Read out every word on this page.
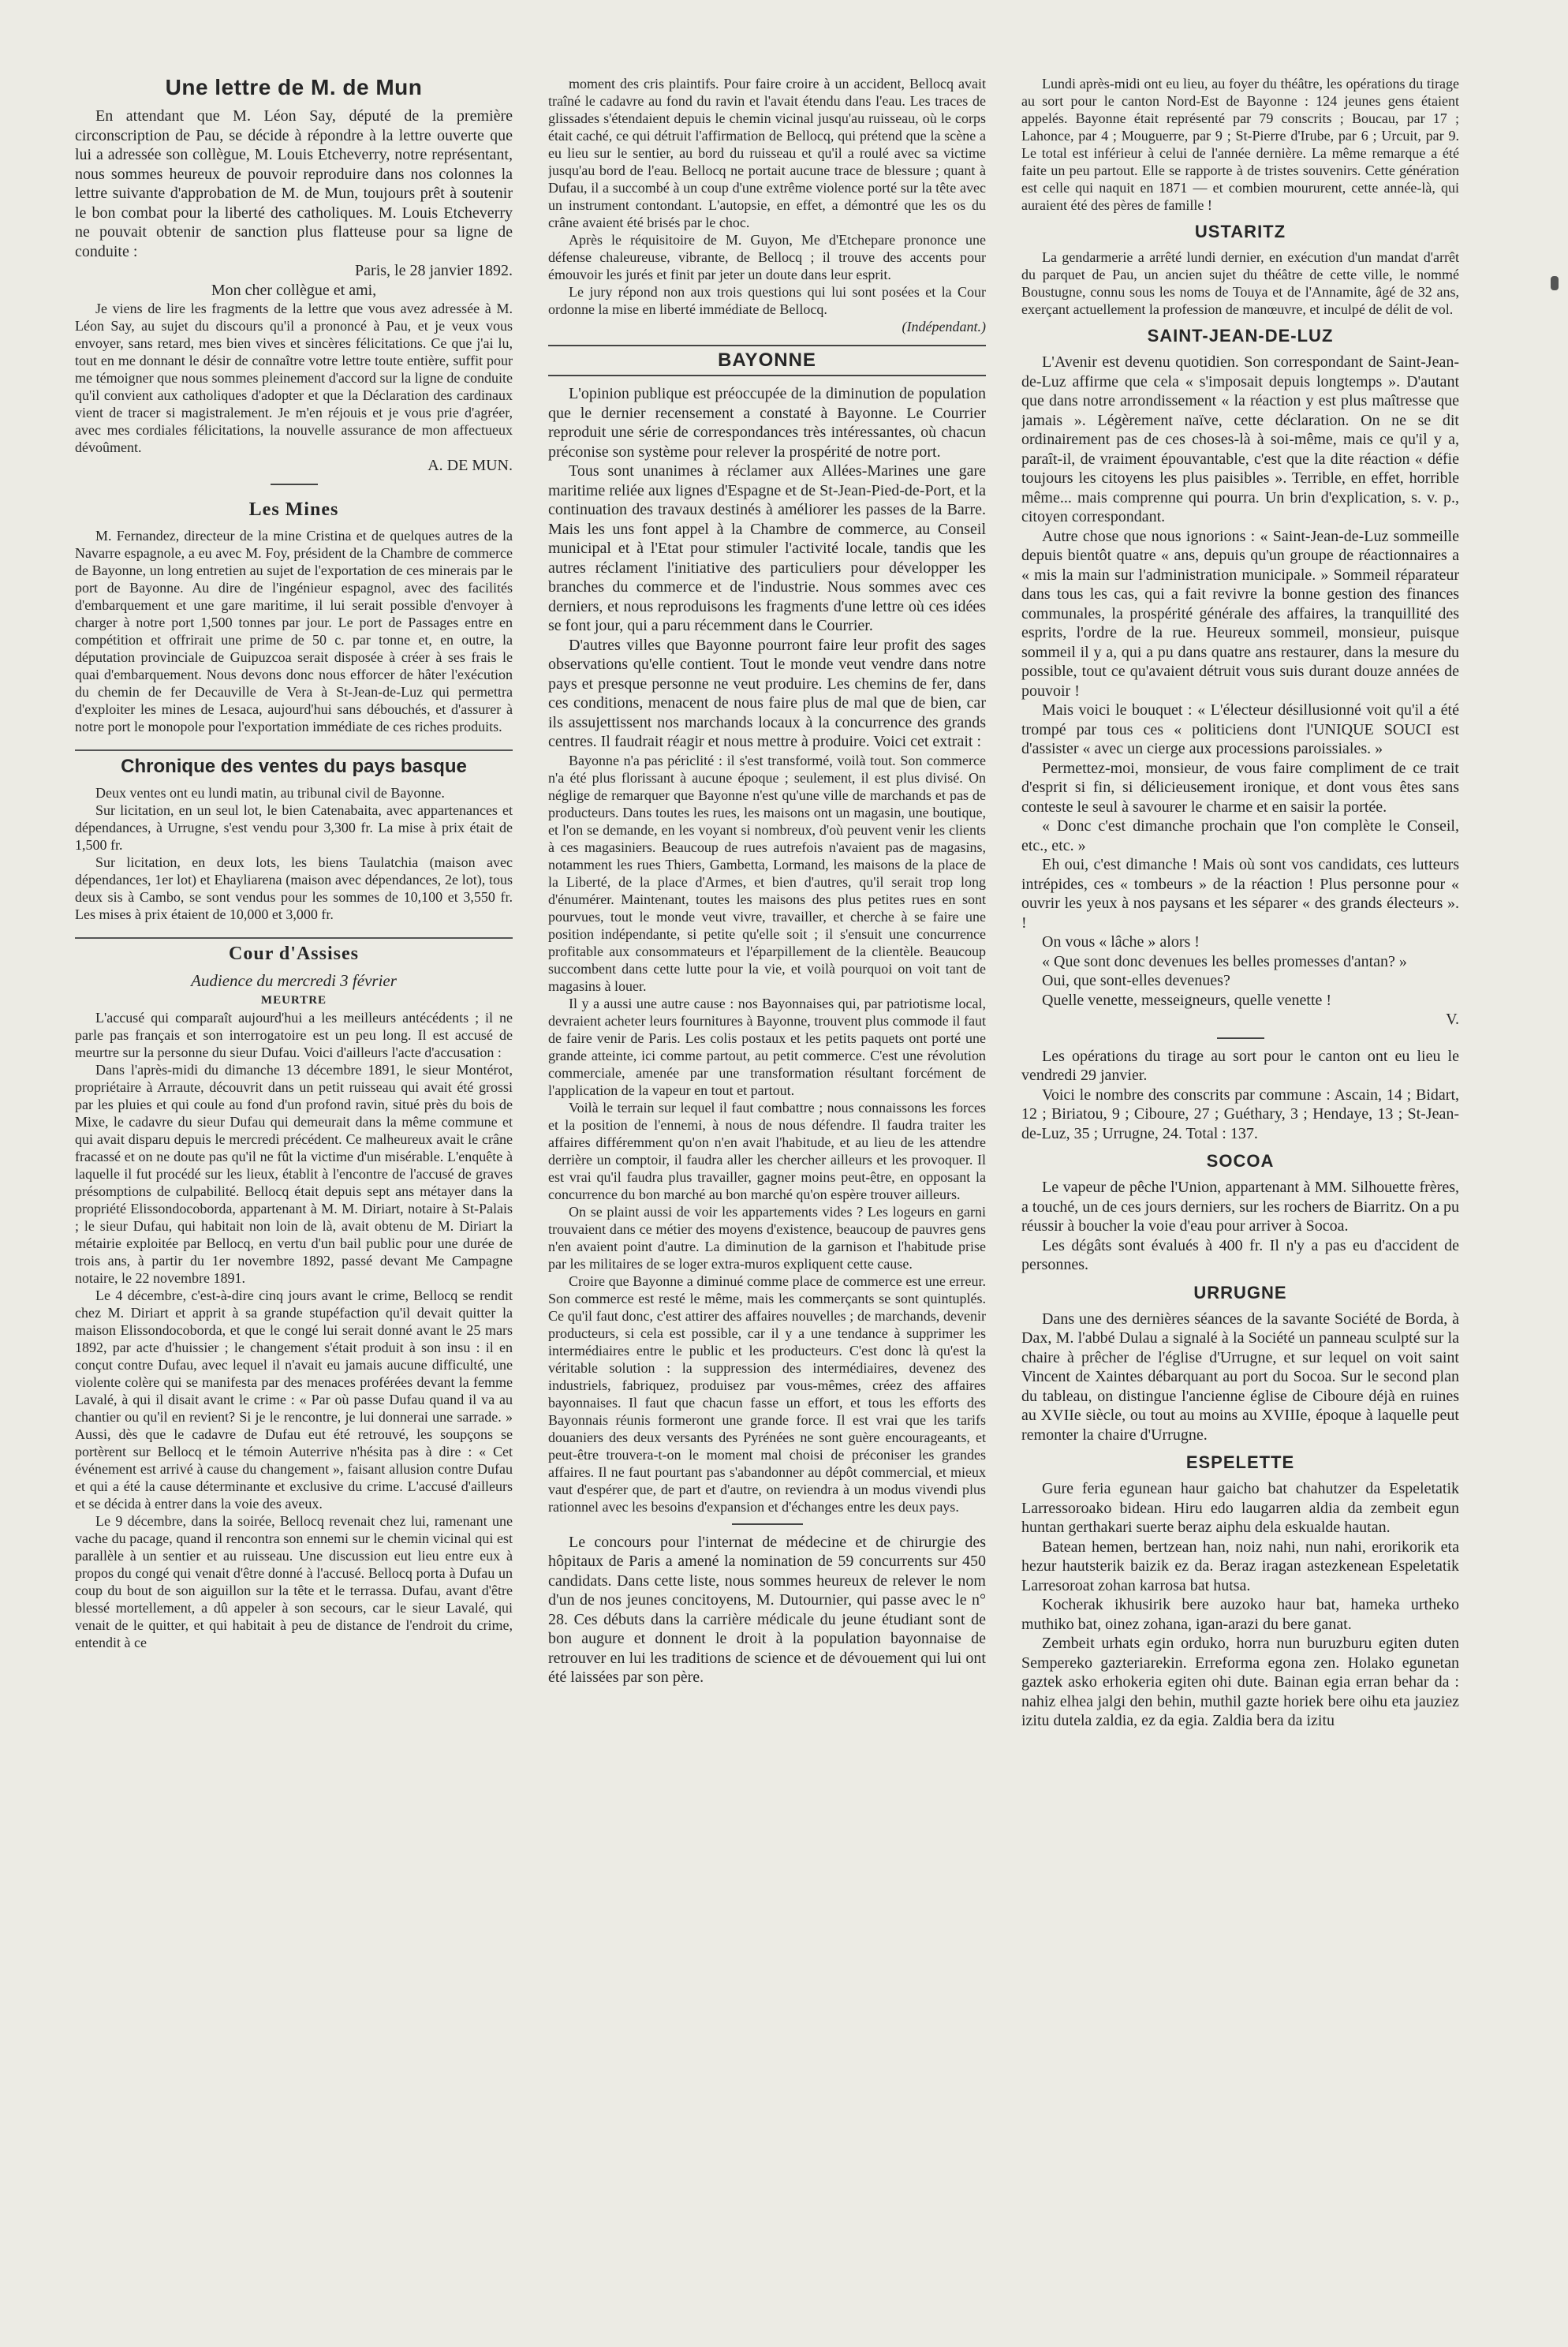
Une lettre de M. de Mun

En attendant que M. Léon Say, député de la première circonscription de Pau, se décide à répondre à la lettre ouverte que lui a adressée son collègue, M. Louis Etcheverry, notre représentant, nous sommes heureux de pouvoir reproduire dans nos colonnes la lettre suivante d'approbation de M. de Mun, toujours prêt à soutenir le bon combat pour la liberté des catholiques. M. Louis Etcheverry ne pouvait obtenir de sanction plus flatteuse pour sa ligne de conduite :

Paris, le 28 janvier 1892.

Mon cher collègue et ami,

Je viens de lire les fragments de la lettre que vous avez adressée à M. Léon Say, au sujet du discours qu'il a prononcé à Pau, et je veux vous envoyer, sans retard, mes bien vives et sincères félicitations. Ce que j'ai lu, tout en me donnant le désir de connaître votre lettre toute entière, suffit pour me témoigner que nous sommes pleinement d'accord sur la ligne de conduite qu'il convient aux catholiques d'adopter et que la Déclaration des cardinaux vient de tracer si magistralement. Je m'en réjouis et je vous prie d'agréer, avec mes cordiales félicitations, la nouvelle assurance de mon affectueux dévoûment.

A. DE MUN.

Les Mines

M. Fernandez, directeur de la mine Cristina et de quelques autres de la Navarre espagnole, a eu avec M. Foy, président de la Chambre de commerce de Bayonne, un long entretien au sujet de l'exportation de ces minerais par le port de Bayonne. Au dire de l'ingénieur espagnol, avec des facilités d'embarquement et une gare maritime, il lui serait possible d'envoyer à charger à notre port 1,500 tonnes par jour. Le port de Passages entre en compétition et offrirait une prime de 50 c. par tonne et, en outre, la députation provinciale de Guipuzcoa serait disposée à créer à ses frais le quai d'embarquement. Nous devons donc nous efforcer de hâter l'exécution du chemin de fer Decauville de Vera à St-Jean-de-Luz qui permettra d'exploiter les mines de Lesaca, aujourd'hui sans débouchés, et d'assurer à notre port le monopole pour l'exportation immédiate de ces riches produits.

Chronique des ventes du pays basque

Deux ventes ont eu lundi matin, au tribunal civil de Bayonne.

Sur licitation, en un seul lot, le bien Catenabaita, avec appartenances et dépendances, à Urrugne, s'est vendu pour 3,300 fr. La mise à prix était de 1,500 fr.

Sur licitation, en deux lots, les biens Taulatchia (maison avec dépendances, 1er lot) et Ehayliarena (maison avec dépendances, 2e lot), tous deux sis à Cambo, se sont vendus pour les sommes de 10,100 et 3,550 fr. Les mises à prix étaient de 10,000 et 3,000 fr.

Cour d'Assises
Audience du mercredi 3 février
MEURTRE

L'accusé qui comparaît aujourd'hui a les meilleurs antécédents ; il ne parle pas français et son interrogatoire est un peu long. Il est accusé de meurtre sur la personne du sieur Dufau. Voici d'ailleurs l'acte d'accusation :

Dans l'après-midi du dimanche 13 décembre 1891, le sieur Montérot, propriétaire à Arraute, découvrit dans un petit ruisseau qui avait été grossi par les pluies et qui coule au fond d'un profond ravin, situé près du bois de Mixe, le cadavre du sieur Dufau qui demeurait dans la même commune et qui avait disparu depuis le mercredi précédent. Ce malheureux avait le crâne fracassé et on ne doute pas qu'il ne fût la victime d'un misérable. L'enquête à laquelle il fut procédé sur les lieux, établit à l'encontre de l'accusé de graves présomptions de culpabilité. Bellocq était depuis sept ans métayer dans la propriété Elissondocoborda, appartenant à M. M. Diriart, notaire à St-Palais ; le sieur Dufau, qui habitait non loin de là, avait obtenu de M. Diriart la métairie exploitée par Bellocq, en vertu d'un bail public pour une durée de trois ans, à partir du 1er novembre 1892, passé devant Me Campagne notaire, le 22 novembre 1891.

Le 4 décembre, c'est-à-dire cinq jours avant le crime, Bellocq se rendit chez M. Diriart et apprit à sa grande stupéfaction qu'il devait quitter la maison Elissondocoborda, et que le congé lui serait donné avant le 25 mars 1892, par acte d'huissier ; le changement s'était produit à son insu : il en conçut contre Dufau, avec lequel il n'avait eu jamais aucune difficulté, une violente colère qui se manifesta par des menaces proférées devant la femme Lavalé, à qui il disait avant le crime : « Par où passe Dufau quand il va au chantier ou qu'il en revient? Si je le rencontre, je lui donnerai une sarrade. » Aussi, dès que le cadavre de Dufau eut été retrouvé, les soupçons se portèrent sur Bellocq et le témoin Auterrive n'hésita pas à dire : « Cet événement est arrivé à cause du changement », faisant allusion contre Dufau et qui a été la cause déterminante et exclusive du crime. L'accusé d'ailleurs et se décida à entrer dans la voie des aveux.

Le 9 décembre, dans la soirée, Bellocq revenait chez lui, ramenant une vache du pacage, quand il rencontra son ennemi sur le chemin vicinal qui est parallèle à un sentier et au ruisseau. Une discussion eut lieu entre eux à propos du congé qui venait d'être donné à l'accusé. Bellocq porta à Dufau un coup du bout de son aiguillon sur la tête et le terrassa. Dufau, avant d'être blessé mortellement, a dû appeler à son secours, car le sieur Lavalé, qui venait de le quitter, et qui habitait à peu de distance de l'endroit du crime, entendit à ce

moment des cris plaintifs. Pour faire croire à un accident, Bellocq avait traîné le cadavre au fond du ravin et l'avait étendu dans l'eau. Les traces de glissades s'étendaient depuis le chemin vicinal jusqu'au ruisseau, où le corps était caché, ce qui détruit l'affirmation de Bellocq, qui prétend que la scène a eu lieu sur le sentier, au bord du ruisseau et qu'il a roulé avec sa victime jusqu'au bord de l'eau. Bellocq ne portait aucune trace de blessure ; quant à Dufau, il a succombé à un coup d'une extrême violence porté sur la tête avec un instrument contondant. L'autopsie, en effet, a démontré que les os du crâne avaient été brisés par le choc.

Après le réquisitoire de M. Guyon, Me d'Etchepare prononce une défense chaleureuse, vibrante, de Bellocq ; il trouve des accents pour émouvoir les jurés et finit par jeter un doute dans leur esprit.

Le jury répond non aux trois questions qui lui sont posées et la Cour ordonne la mise en liberté immédiate de Bellocq.

(Indépendant.)

BAYONNE

L'opinion publique est préoccupée de la diminution de population que le dernier recensement a constaté à Bayonne. Le Courrier reproduit une série de correspondances très intéressantes, où chacun préconise son système pour relever la prospérité de notre port.

Tous sont unanimes à réclamer aux Allées-Marines une gare maritime reliée aux lignes d'Espagne et de St-Jean-Pied-de-Port, et la continuation des travaux destinés à améliorer les passes de la Barre. Mais les uns font appel à la Chambre de commerce, au Conseil municipal et à l'Etat pour stimuler l'activité locale, tandis que les autres réclament l'initiative des particuliers pour développer les branches du commerce et de l'industrie. Nous sommes avec ces derniers, et nous reproduisons les fragments d'une lettre où ces idées se font jour, qui a paru récemment dans le Courrier.

D'autres villes que Bayonne pourront faire leur profit des sages observations qu'elle contient. Tout le monde veut vendre dans notre pays et presque personne ne veut produire. Les chemins de fer, dans ces conditions, menacent de nous faire plus de mal que de bien, car ils assujettissent nos marchands locaux à la concurrence des grands centres. Il faudrait réagir et nous mettre à produire. Voici cet extrait :

Bayonne n'a pas périclité : il s'est transformé, voilà tout. Son commerce n'a été plus florissant à aucune époque ; seulement, il est plus divisé. On néglige de remarquer que Bayonne n'est qu'une ville de marchands et pas de producteurs. Dans toutes les rues, les maisons ont un magasin, une boutique, et l'on se demande, en les voyant si nombreux, d'où peuvent venir les clients à ces magasiniers. Beaucoup de rues autrefois n'avaient pas de magasins, notamment les rues Thiers, Gambetta, Lormand, les maisons de la place de la Liberté, de la place d'Armes, et bien d'autres, qu'il serait trop long d'énumérer. Maintenant, toutes les maisons des plus petites rues en sont pourvues, tout le monde veut vivre, travailler, et cherche à se faire une position indépendante, si petite qu'elle soit ; il s'ensuit une concurrence profitable aux consommateurs et l'éparpillement de la clientèle. Beaucoup succombent dans cette lutte pour la vie, et voilà pourquoi on voit tant de magasins à louer.

Il y a aussi une autre cause : nos Bayonnaises qui, par patriotisme local, devraient acheter leurs fournitures à Bayonne, trouvent plus commode il faut de faire venir de Paris. Les colis postaux et les petits paquets ont porté une grande atteinte, ici comme partout, au petit commerce. C'est une révolution commerciale, amenée par une transformation résultant forcément de l'application de la vapeur en tout et partout.

Voilà le terrain sur lequel il faut combattre ; nous connaissons les forces et la position de l'ennemi, à nous de nous défendre. Il faudra traiter les affaires différemment qu'on n'en avait l'habitude, et au lieu de les attendre derrière un comptoir, il faudra aller les chercher ailleurs et les provoquer. Il est vrai qu'il faudra plus travailler, gagner moins peut-être, en opposant la concurrence du bon marché au bon marché qu'on espère trouver ailleurs.

On se plaint aussi de voir les appartements vides ? Les logeurs en garni trouvaient dans ce métier des moyens d'existence, beaucoup de pauvres gens n'en avaient point d'autre. La diminution de la garnison et l'habitude prise par les militaires de se loger extra-muros expliquent cette cause.

Croire que Bayonne a diminué comme place de commerce est une erreur. Son commerce est resté le même, mais les commerçants se sont quintuplés. Ce qu'il faut donc, c'est attirer des affaires nouvelles ; de marchands, devenir producteurs, si cela est possible, car il y a une tendance à supprimer les intermédiaires entre le public et les producteurs. C'est donc là qu'est la véritable solution : la suppression des intermédiaires, devenez des industriels, fabriquez, produisez par vous-mêmes, créez des affaires bayonnaises. Il faut que chacun fasse un effort, et tous les efforts des Bayonnais réunis formeront une grande force. Il est vrai que les tarifs douaniers des deux versants des Pyrénées ne sont guère encourageants, et peut-être trouvera-t-on le moment mal choisi de préconiser les grandes affaires. Il ne faut pourtant pas s'abandonner au dépôt commercial, et mieux vaut d'espérer que, de part et d'autre, on reviendra à un modus vivendi plus rationnel avec les besoins d'expansion et d'échanges entre les deux pays.

Le concours pour l'internat de médecine et de chirurgie des hôpitaux de Paris a amené la nomination de 59 concurrents sur 450 candidats. Dans cette liste, nous sommes heureux de relever le nom d'un de nos jeunes concitoyens, M. Dutournier, qui passe avec le n° 28. Ces débuts dans la carrière médicale du jeune étudiant sont de bon augure et donnent le droit à la population bayonnaise de retrouver en lui les traditions de science et de dévouement qui lui ont été laissées par son père.

Lundi après-midi ont eu lieu, au foyer du théâtre, les opérations du tirage au sort pour le canton Nord-Est de Bayonne : 124 jeunes gens étaient appelés. Bayonne était représenté par 79 conscrits ; Boucau, par 17 ; Lahonce, par 4 ; Mouguerre, par 9 ; St-Pierre d'Irube, par 6 ; Urcuit, par 9. Le total est inférieur à celui de l'année dernière. La même remarque a été faite un peu partout. Elle se rapporte à de tristes souvenirs. Cette génération est celle qui naquit en 1871 — et combien moururent, cette année-là, qui auraient été des pères de famille !

USTARITZ

La gendarmerie a arrêté lundi dernier, en exécution d'un mandat d'arrêt du parquet de Pau, un ancien sujet du théâtre de cette ville, le nommé Boustugne, connu sous les noms de Touya et de l'Annamite, âgé de 32 ans, exerçant actuellement la profession de manœuvre, et inculpé de délit de vol.

SAINT-JEAN-DE-LUZ

L'Avenir est devenu quotidien. Son correspondant de Saint-Jean-de-Luz affirme que cela « s'imposait depuis longtemps ». D'autant que dans notre arrondissement « la réaction y est plus maîtresse que jamais ». Légèrement naïve, cette déclaration. On ne se dit ordinairement pas de ces choses-là à soi-même, mais ce qu'il y a, paraît-il, de vraiment épouvantable, c'est que la dite réaction « défie toujours les citoyens les plus paisibles ». Terrible, en effet, horrible même... mais comprenne qui pourra. Un brin d'explication, s. v. p., citoyen correspondant.

Autre chose que nous ignorions : « Saint-Jean-de-Luz sommeille depuis bientôt quatre « ans, depuis qu'un groupe de réactionnaires a « mis la main sur l'administration municipale. » Sommeil réparateur dans tous les cas, qui a fait revivre la bonne gestion des finances communales, la prospérité générale des affaires, la tranquillité des esprits, l'ordre de la rue. Heureux sommeil, monsieur, puisque sommeil il y a, qui a pu dans quatre ans restaurer, dans la mesure du possible, tout ce qu'avaient détruit vous suis durant douze années de pouvoir !

Mais voici le bouquet : « L'électeur désillusionné voit qu'il a été trompé par tous ces « politiciens dont l'UNIQUE SOUCI est d'assister « avec un cierge aux processions paroissiales. »

Permettez-moi, monsieur, de vous faire compliment de ce trait d'esprit si fin, si délicieusement ironique, et dont vous êtes sans conteste le seul à savourer le charme et en saisir la portée.

« Donc c'est dimanche prochain que l'on complète le Conseil, etc., etc. »

Eh oui, c'est dimanche ! Mais où sont vos candidats, ces lutteurs intrépides, ces « tombeurs » de la réaction ! Plus personne pour « ouvrir les yeux à nos paysans et les séparer « des grands électeurs ». !

On vous « lâche » alors !

« Que sont donc devenues les belles promesses d'antan? »

Oui, que sont-elles devenues?

Quelle venette, messeigneurs, quelle venette !

V.

Les opérations du tirage au sort pour le canton ont eu lieu le vendredi 29 janvier.

Voici le nombre des conscrits par commune : Ascain, 14 ; Bidart, 12 ; Biriatou, 9 ; Ciboure, 27 ; Guéthary, 3 ; Hendaye, 13 ; St-Jean-de-Luz, 35 ; Urrugne, 24. Total : 137.

SOCOA

Le vapeur de pêche l'Union, appartenant à MM. Silhouette frères, a touché, un de ces jours derniers, sur les rochers de Biarritz. On a pu réussir à boucher la voie d'eau pour arriver à Socoa.

Les dégâts sont évalués à 400 fr. Il n'y a pas eu d'accident de personnes.

URRUGNE

Dans une des dernières séances de la savante Société de Borda, à Dax, M. l'abbé Dulau a signalé à la Société un panneau sculpté sur la chaire à prêcher de l'église d'Urrugne, et sur lequel on voit saint Vincent de Xaintes débarquant au port du Socoa. Sur le second plan du tableau, on distingue l'ancienne église de Ciboure déjà en ruines au XVIIe siècle, ou tout au moins au XVIIIe, époque à laquelle peut remonter la chaire d'Urrugne.

ESPELETTE

Gure feria egunean haur gaicho bat chahutzer da Espeletatik Larressoroako bidean. Hiru edo laugarren aldia da zembeit egun huntan gerthakari suerte beraz aiphu dela eskualde hautan.

Batean hemen, bertzean han, noiz nahi, nun nahi, erorikorik eta hezur hautsterik baizik ez da. Beraz iragan astezkenean Espeletatik Larresoroat zohan karrosa bat hutsa.

Kocherak ikhusirik bere auzoko haur bat, hameka urtheko muthiko bat, oinez zohana, igan-arazi du bere ganat.

Zembeit urhats egin orduko, horra nun buruzburu egiten duten Sempereko gazteriarekin. Erreforma egona zen. Holako egunetan gaztek asko erhokeria egiten ohi dute. Bainan egia erran behar da : nahiz elhea jalgi den behin, muthil gazte horiek bere oihu eta jauziez izitu dutela zaldia, ez da egia. Zaldia bera da izitu
